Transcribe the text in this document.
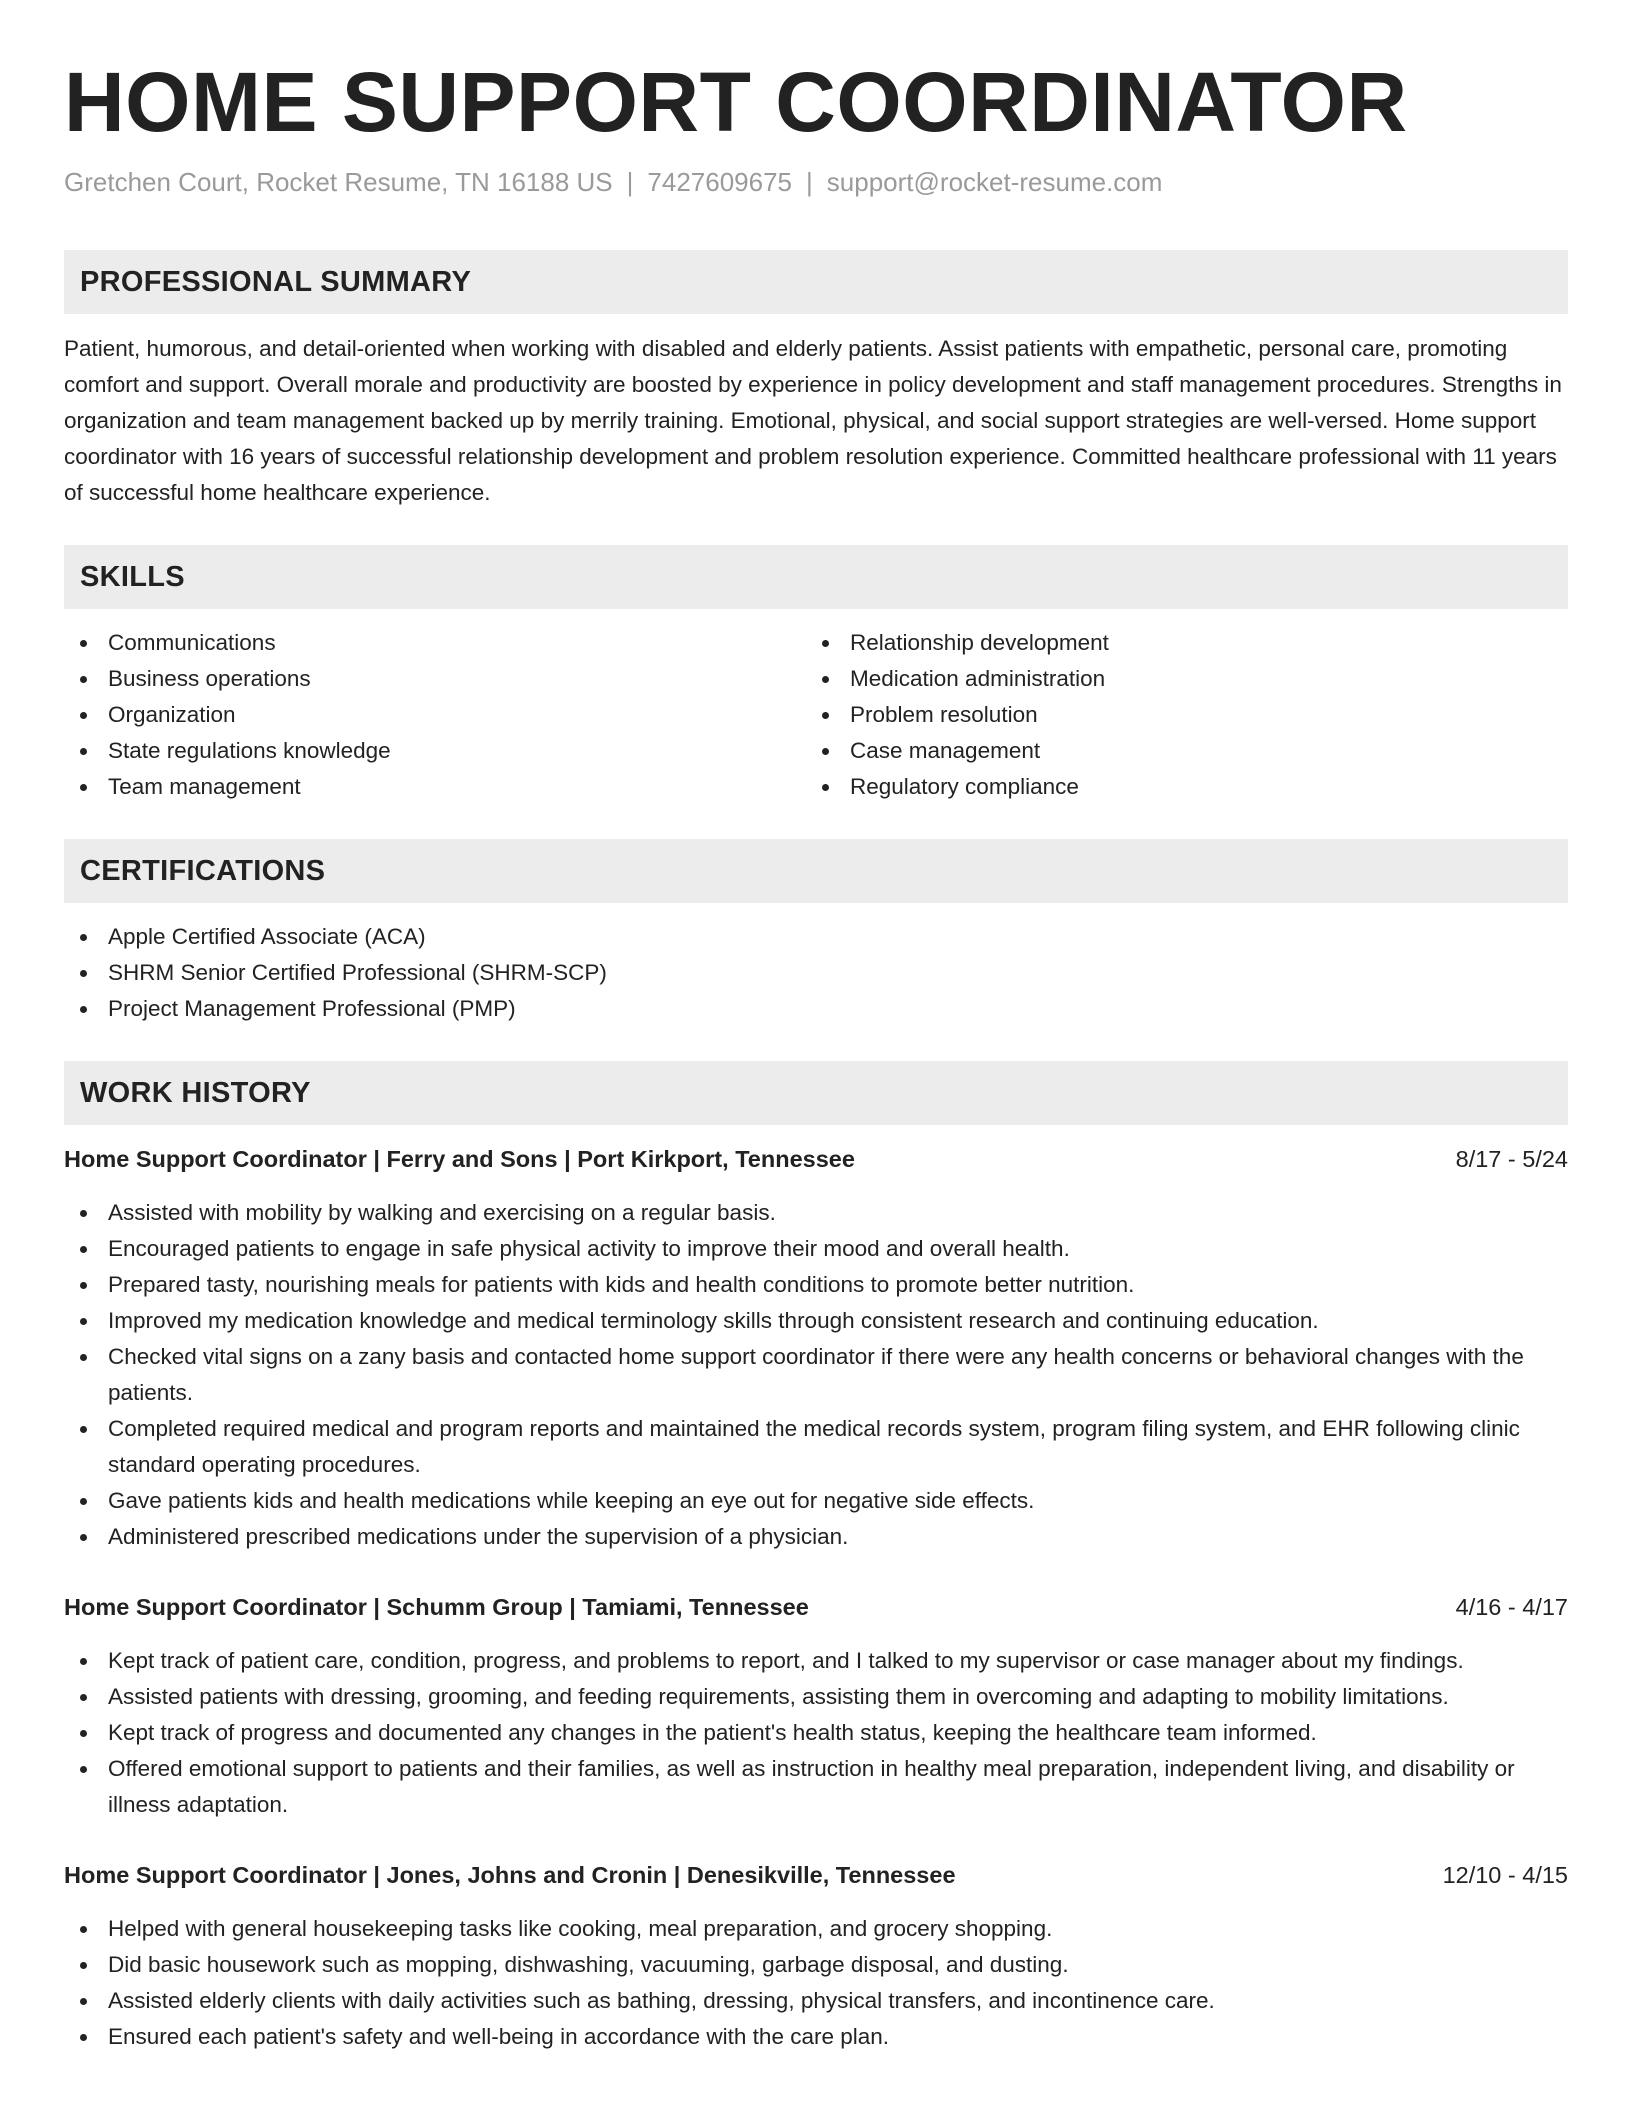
HOME SUPPORT COORDINATOR
Gretchen Court, Rocket Resume, TN 16188 US | 7427609675 | support@rocket-resume.com
PROFESSIONAL SUMMARY

Patient, humorous, and detail-oriented when working with disabled and elderly patients. Assist patients with empathetic, personal care, promoting comfort and support. Overall morale and productivity are boosted by experience in policy development and staff management procedures. Strengths in organization and team management backed up by merrily training. Emotional, physical, and social support strategies are well-versed. Home support coordinator with 16 years of successful relationship development and problem resolution experience. Committed healthcare professional with 11 years of successful home healthcare experience.

SKILLS
Communications
Business operations
Organization
State regulations knowledge
Team management
Relationship development
Medication administration
Problem resolution
Case management
Regulatory compliance
CERTIFICATIONS
Apple Certified Associate (ACA)
SHRM Senior Certified Professional (SHRM-SCP)
Project Management Professional (PMP)
WORK HISTORY
Home Support Coordinator | Ferry and Sons | Port Kirkport, Tennessee	8/17 - 5/24
Assisted with mobility by walking and exercising on a regular basis.
Encouraged patients to engage in safe physical activity to improve their mood and overall health.
Prepared tasty, nourishing meals for patients with kids and health conditions to promote better nutrition.
Improved my medication knowledge and medical terminology skills through consistent research and continuing education.
Checked vital signs on a zany basis and contacted home support coordinator if there were any health concerns or behavioral changes with the patients.
Completed required medical and program reports and maintained the medical records system, program filing system, and EHR following clinic standard operating procedures.
Gave patients kids and health medications while keeping an eye out for negative side effects.
Administered prescribed medications under the supervision of a physician.
Home Support Coordinator | Schumm Group | Tamiami, Tennessee	4/16 - 4/17
Kept track of patient care, condition, progress, and problems to report, and I talked to my supervisor or case manager about my findings.
Assisted patients with dressing, grooming, and feeding requirements, assisting them in overcoming and adapting to mobility limitations.
Kept track of progress and documented any changes in the patient's health status, keeping the healthcare team informed.
Offered emotional support to patients and their families, as well as instruction in healthy meal preparation, independent living, and disability or illness adaptation.
Home Support Coordinator | Jones, Johns and Cronin | Denesikville, Tennessee	12/10 - 4/15
Helped with general housekeeping tasks like cooking, meal preparation, and grocery shopping.
Did basic housework such as mopping, dishwashing, vacuuming, garbage disposal, and dusting.
Assisted elderly clients with daily activities such as bathing, dressing, physical transfers, and incontinence care.
Ensured each patient's safety and well-being in accordance with the care plan.
